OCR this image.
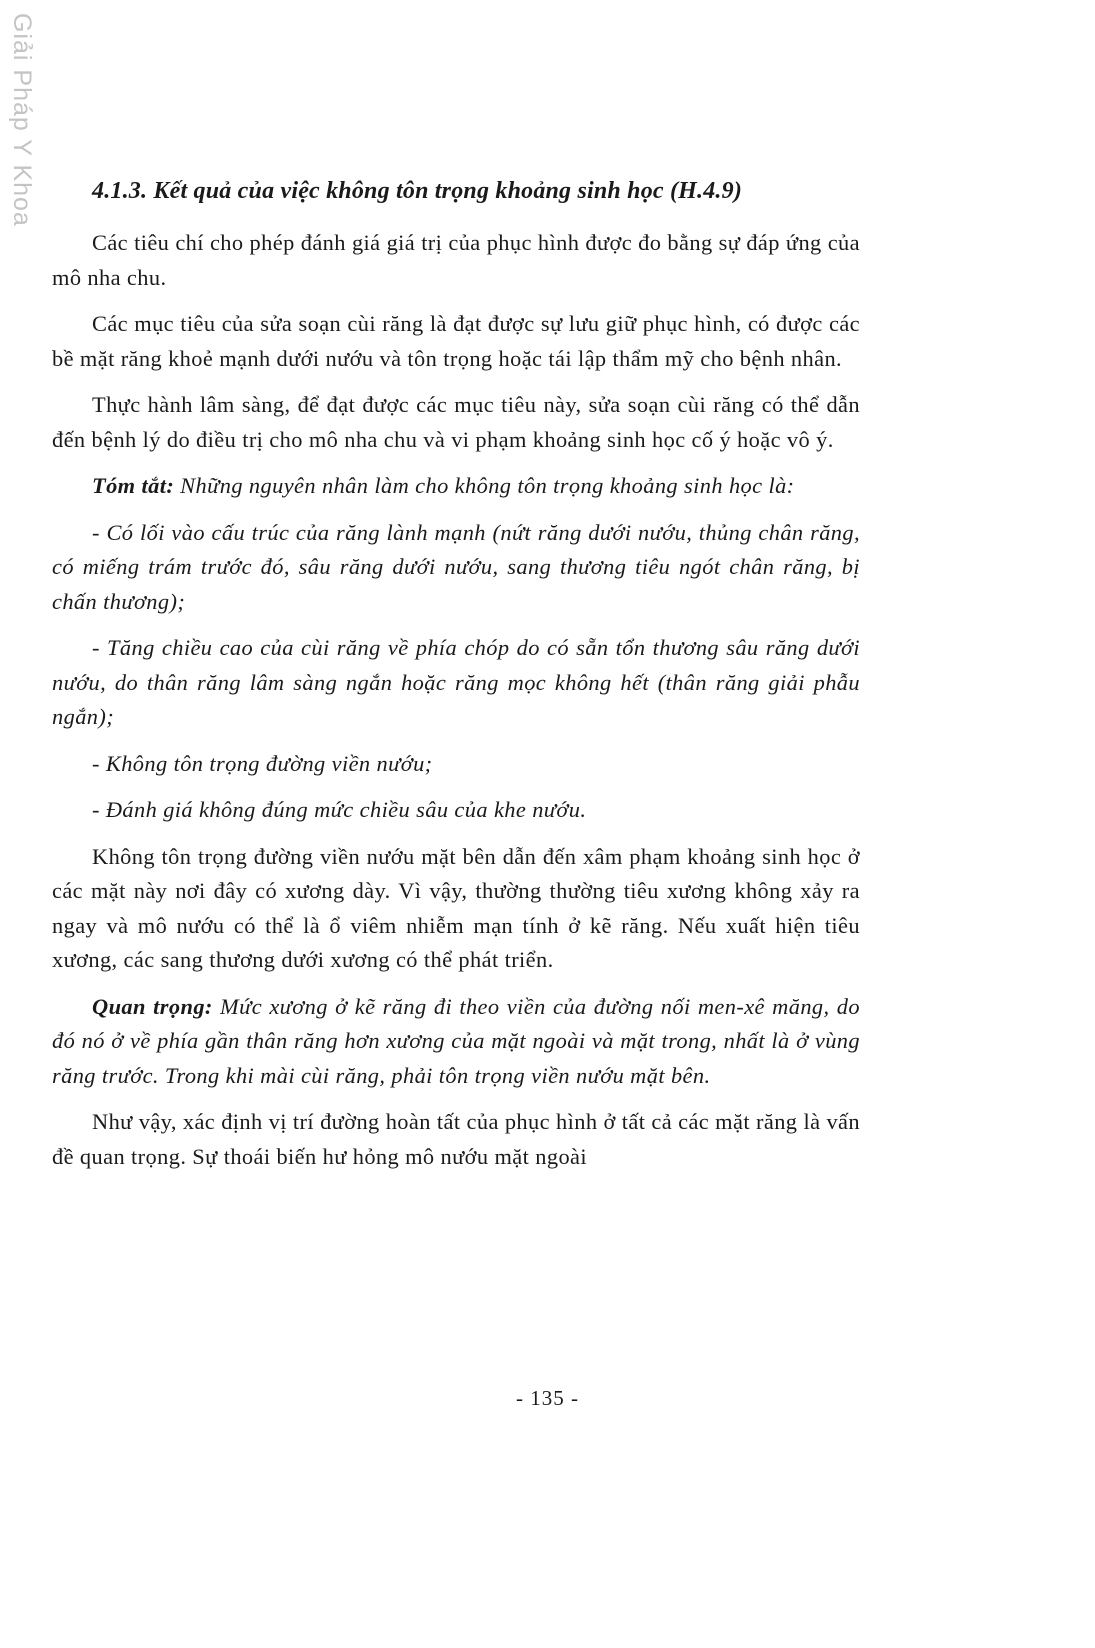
Giải Pháp Y Khoa 4.1.3. Kết quả của việc không tôn trọng khoảng sinh học (H.4.9)

Các tiêu chí cho phép đánh giá giá trị của phục hình được đo bằng sự đáp ứng của mô nha chu.

Các mục tiêu của sửa soạn cùi răng là đạt được sự lưu giữ phục hình, có được các bề mặt răng khoẻ mạnh dưới nướu và tôn trọng hoặc tái lập thẩm mỹ cho bệnh nhân.

Thực hành lâm sàng, để đạt được các mục tiêu này, sửa soạn cùi răng có thể dẫn đến bệnh lý do điều trị cho mô nha chu và vi phạm khoảng sinh học cố ý hoặc vô ý.

Tóm tắt: Những nguyên nhân làm cho không tôn trọng khoảng sinh học là:

- Có lối vào cấu trúc của răng lành mạnh (nứt răng dưới nướu, thủng chân răng, có miếng trám trước đó, sâu răng dưới nướu, sang thương tiêu ngót chân răng, bị chấn thương);

- Tăng chiều cao của cùi răng về phía chóp do có sẵn tổn thương sâu răng dưới nướu, do thân răng lâm sàng ngắn hoặc răng mọc không hết (thân răng giải phẫu ngắn);

- Không tôn trọng đường viền nướu;

- Đánh giá không đúng mức chiều sâu của khe nướu.

Không tôn trọng đường viền nướu mặt bên dẫn đến xâm phạm khoảng sinh học ở các mặt này nơi đây có xương dày. Vì vậy, thường thường tiêu xương không xảy ra ngay và mô nướu có thể là ổ viêm nhiễm mạn tính ở kẽ răng. Nếu xuất hiện tiêu xương, các sang thương dưới xương có thể phát triển.

Quan trọng: Mức xương ở kẽ răng đi theo viền của đường nối men-xê măng, do đó nó ở về phía gần thân răng hơn xương của mặt ngoài và mặt trong, nhất là ở vùng răng trước. Trong khi mài cùi răng, phải tôn trọng viền nướu mặt bên.

Như vậy, xác định vị trí đường hoàn tất của phục hình ở tất cả các mặt răng là vấn đề quan trọng. Sự thoái biến hư hỏng mô nướu mặt ngoài

- 135 -
